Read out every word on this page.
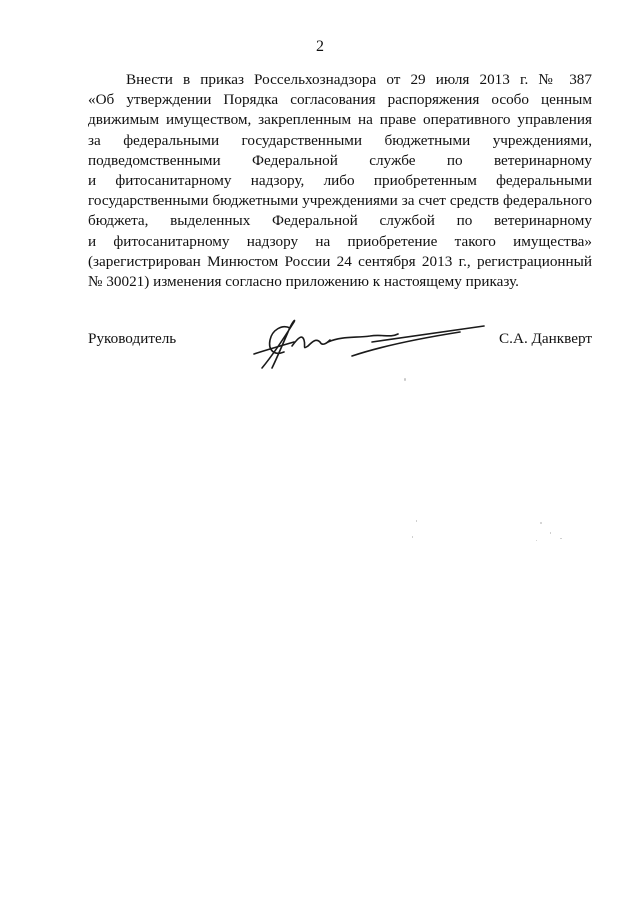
2
Внести в приказ Россельхознадзора от 29 июля 2013 г. № 387
«Об утверждении Порядка согласования распоряжения особо ценным
движимым имуществом, закрепленным на праве оперативного управления
за федеральными государственными бюджетными учреждениями,
подведомственными Федеральной службе по ветеринарному
и фитосанитарному надзору, либо приобретенным федеральными
государственными бюджетными учреждениями за счет средств федерального
бюджета, выделенных Федеральной службой по ветеринарному
и фитосанитарному надзору на приобретение такого имущества»
(зарегистрирован Минюстом России 24 сентября 2013 г., регистрационный
№ 30021) изменения согласно приложению к настоящему приказу.
Руководитель	С.А. Данкверт
